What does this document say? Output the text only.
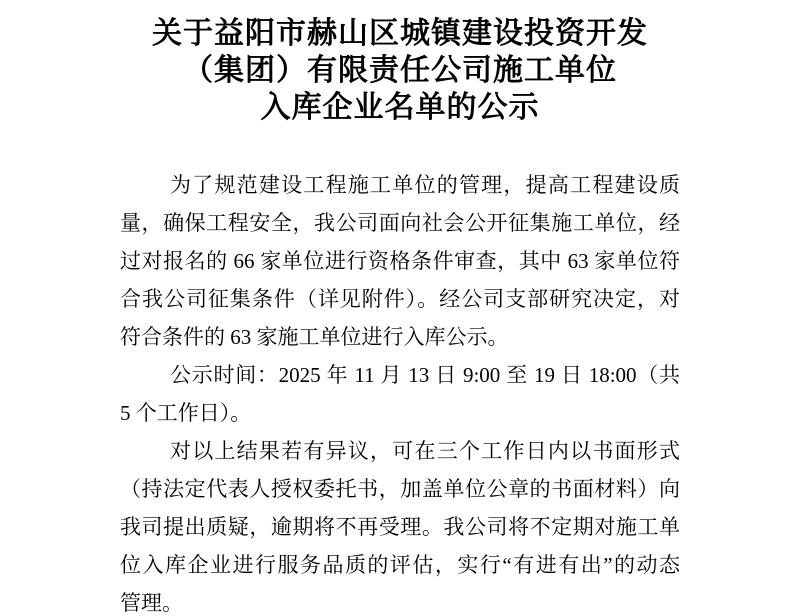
关于益阳市赫山区城镇建设投资开发
（集团）有限责任公司施工单位
入库企业名单的公示
为了规范建设工程施工单位的管理，提高工程建设质
量，确保工程安全，我公司面向社会公开征集施工单位，经
过对报名的 66 家单位进行资格条件审查，其中 63 家单位符
合我公司征集条件（详见附件）。经公司支部研究决定，对
符合条件的 63 家施工单位进行入库公示。
公示时间：2025 年 11 月 13 日 9:00 至 19 日 18:00（共
5 个工作日）。
对以上结果若有异议，可在三个工作日内以书面形式
（持法定代表人授权委托书，加盖单位公章的书面材料）向
我司提出质疑，逾期将不再受理。我公司将不定期对施工单
位入库企业进行服务品质的评估，实行“有进有出”的动态
管理。
